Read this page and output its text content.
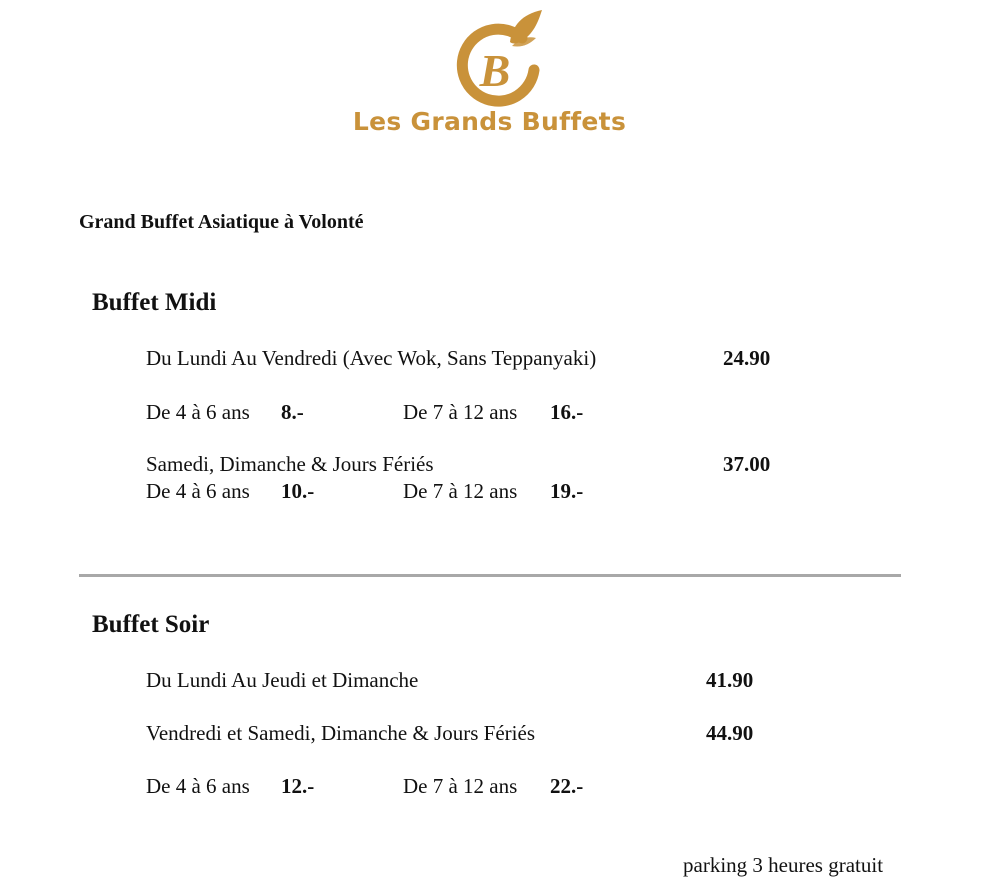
B
Les Grands Buffets
Grand Buffet Asiatique à Volonté
Buffet Midi
Du Lundi Au Vendredi (Avec Wok, Sans Teppanyaki)	24.90
De 4 à 6 ans 8.-	De 7 à 12 ans 16.-
Samedi, Dimanche & Jours Fériés	37.00
De 4 à 6 ans 10.-	De 7 à 12 ans 19.-
Buffet Soir
Du Lundi Au Jeudi et Dimanche	41.90
Vendredi et Samedi, Dimanche & Jours Fériés	44.90
De 4 à 6 ans 12.-	De 7 à 12 ans 22.-
parking 3 heures gratuit
